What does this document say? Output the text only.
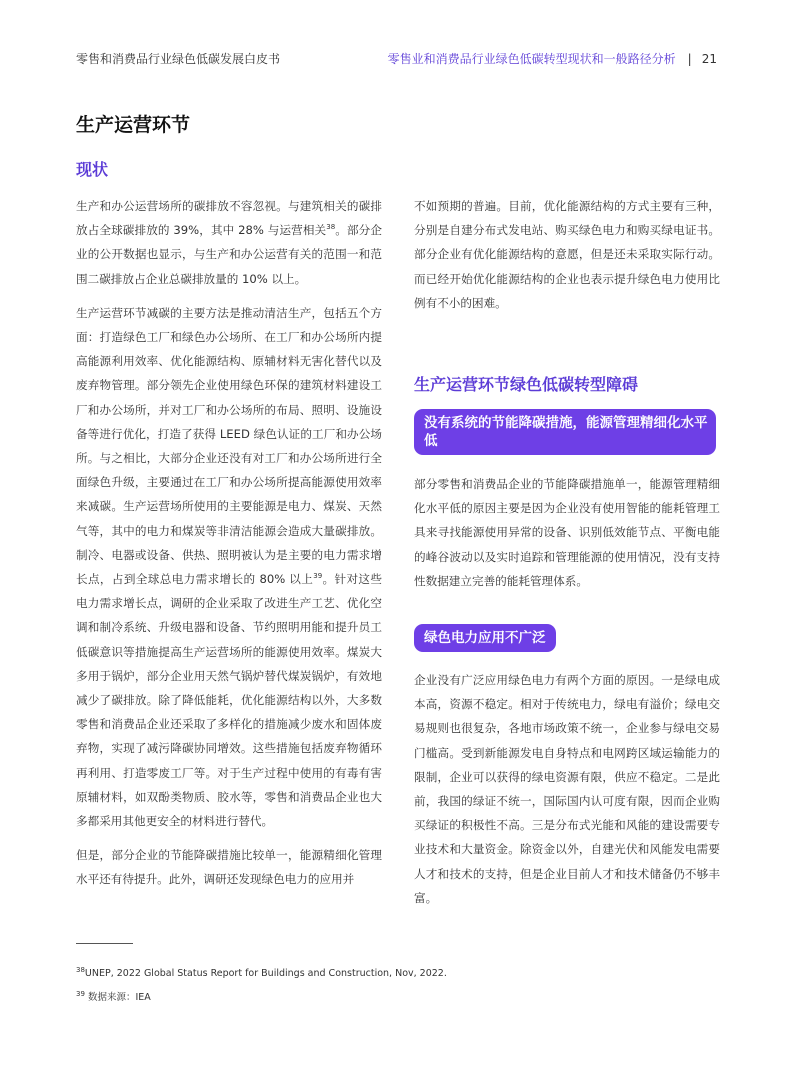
零售和消费品行业绿色低碳发展白皮书	零售业和消费品行业绿色低碳转型现状和一般路径分析 | 21
生产运营环节
现状

生产和办公运营场所的碳排放不容忽视。与建筑相关的碳排放占全球碳排放的 39%，其中 28% 与运营相关$^{38}$。部分企业的公开数据也显示，与生产和办公运营有关的范围一和范围二碳排放占企业总碳排放量的 10% 以上。

生产运营环节减碳的主要方法是推动清洁生产，包括五个方面：打造绿色工厂和绿色办公场所、在工厂和办公场所内提高能源利用效率、优化能源结构、原辅材料无害化替代以及废弃物管理。部分领先企业使用绿色环保的建筑材料建设工厂和办公场所，并对工厂和办公场所的布局、照明、设施设备等进行优化，打造了获得 LEED 绿色认证的工厂和办公场所。与之相比，大部分企业还没有对工厂和办公场所进行全面绿色升级，主要通过在工厂和办公场所提高能源使用效率来减碳。生产运营场所使用的主要能源是电力、煤炭、天然气等，其中的电力和煤炭等非清洁能源会造成大量碳排放。制冷、电器或设备、供热、照明被认为是主要的电力需求增长点，占到全球总电力需求增长的 80% 以上$^{39}$。针对这些电力需求增长点，调研的企业采取了改进生产工艺、优化空调和制冷系统、升级电器和设备、节约照明用能和提升员工低碳意识等措施提高生产运营场所的能源使用效率。煤炭大多用于锅炉，部分企业用天然气锅炉替代煤炭锅炉，有效地减少了碳排放。除了降低能耗，优化能源结构以外，大多数零售和消费品企业还采取了多样化的措施减少废水和固体废弃物，实现了减污降碳协同增效。这些措施包括废弃物循环再利用、打造零废工厂等。对于生产过程中使用的有毒有害原辅材料，如双酚类物质、胶水等，零售和消费品企业也大多都采用其他更安全的材料进行替代。

但是，部分企业的节能降碳措施比较单一，能源精细化管理水平还有待提升。此外，调研还发现绿色电力的应用并

不如预期的普遍。目前，优化能源结构的方式主要有三种，分别是自建分布式发电站、购买绿色电力和购买绿电证书。部分企业有优化能源结构的意愿，但是还未采取实际行动。而已经开始优化能源结构的企业也表示提升绿色电力使用比例有不小的困难。

生产运营环节绿色低碳转型障碍
没有系统的节能降碳措施，能源管理精细化水平低

部分零售和消费品企业的节能降碳措施单一，能源管理精细化水平低的原因主要是因为企业没有使用智能的能耗管理工具来寻找能源使用异常的设备、识别低效能节点、平衡电能的峰谷波动以及实时追踪和管理能源的使用情况，没有支持性数据建立完善的能耗管理体系。

绿色电力应用不广泛

企业没有广泛应用绿色电力有两个方面的原因。一是绿电成本高，资源不稳定。相对于传统电力，绿电有溢价；绿电交易规则也很复杂，各地市场政策不统一，企业参与绿电交易门槛高。受到新能源发电自身特点和电网跨区域运输能力的限制，企业可以获得的绿电资源有限，供应不稳定。二是此前，我国的绿证不统一，国际国内认可度有限，因而企业购买绿证的积极性不高。三是分布式光能和风能的建设需要专业技术和大量资金。除资金以外，自建光伏和风能发电需要人才和技术的支持，但是企业目前人才和技术储备仍不够丰富。

$^{38}$UNEP, 2022 Global Status Report for Buildings and Construction, Nov, 2022.
$^{39}$ 数据来源：IEA
